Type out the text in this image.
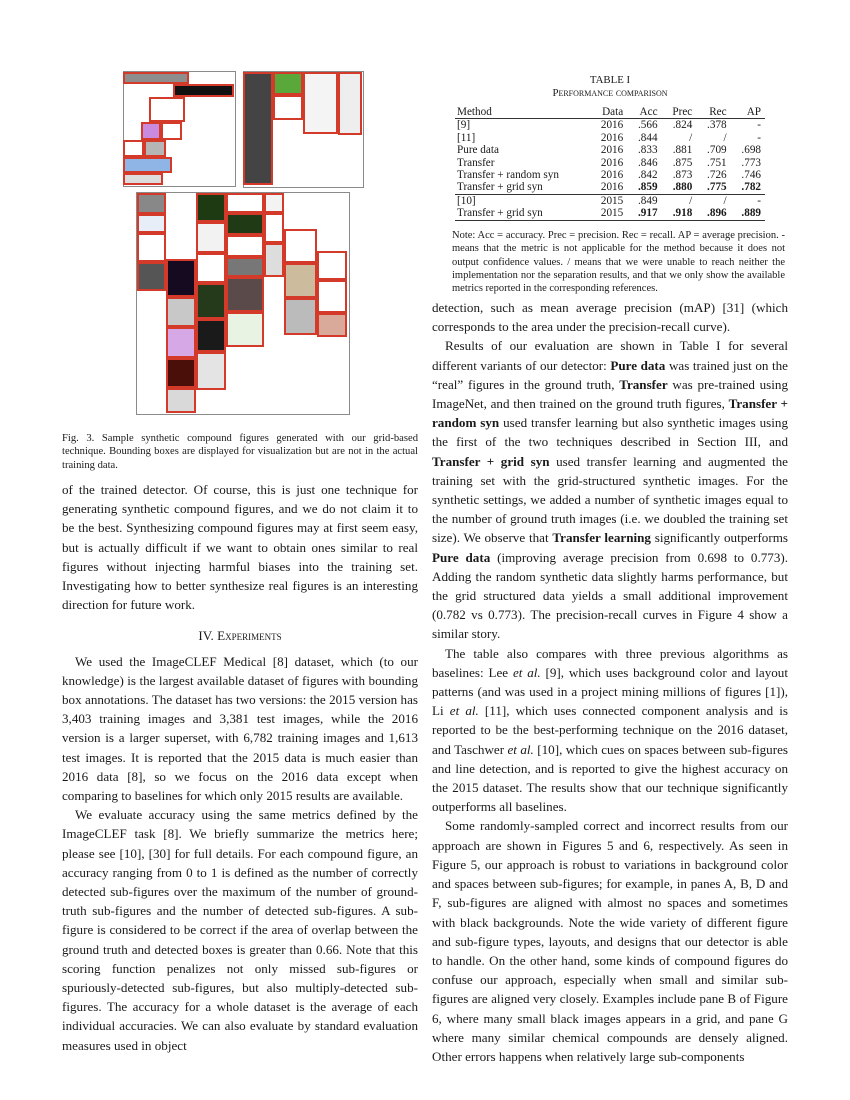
Fig. 3. Sample synthetic compound figures generated with our grid-based technique. Bounding boxes are displayed for visualization but are not in the actual training data.
TABLE I
Performance comparison
Method	Data	Acc	Prec	Rec	AP
[9]	2016	.566	.824	.378	-
[11]	2016	.844	/	/	-
Pure data	2016	.833	.881	.709	.698
Transfer	2016	.846	.875	.751	.773
Transfer + random syn	2016	.842	.873	.726	.746
Transfer + grid syn	2016	.859	.880	.775	.782
[10]	2015	.849	/	/	-
Transfer + grid syn	2015	.917	.918	.896	.889
Note: Acc = accuracy. Prec = precision. Rec = recall. AP = average precision. - means that the metric is not applicable for the method because it does not output confidence values. / means that we were unable to reach neither the implementation nor the separation results, and that we only show the available metrics reported in the corresponding references.

of the trained detector. Of course, this is just one technique for generating synthetic compound figures, and we do not claim it to be the best. Synthesizing compound figures may at first seem easy, but is actually difficult if we want to obtain ones similar to real figures without injecting harmful biases into the training set. Investigating how to better synthesize real figures is an interesting direction for future work.

IV. Experiments

We used the ImageCLEF Medical [8] dataset, which (to our knowledge) is the largest available dataset of figures with bounding box annotations. The dataset has two versions: the 2015 version has 3,403 training images and 3,381 test images, while the 2016 version is a larger superset, with 6,782 training images and 1,613 test images. It is reported that the 2015 data is much easier than 2016 data [8], so we focus on the 2016 data except when comparing to baselines for which only 2015 results are available.

We evaluate accuracy using the same metrics defined by the ImageCLEF task [8]. We briefly summarize the metrics here; please see [10], [30] for full details. For each compound figure, an accuracy ranging from 0 to 1 is defined as the number of correctly detected sub-figures over the maximum of the number of ground-truth sub-figures and the number of detected sub-figures. A sub-figure is considered to be correct if the area of overlap between the ground truth and detected boxes is greater than 0.66. Note that this scoring function penalizes not only missed sub-figures or spuriously-detected sub-figures, but also multiply-detected sub-figures. The accuracy for a whole dataset is the average of each individual accuracies. We can also evaluate by standard evaluation measures used in object

detection, such as mean average precision (mAP) [31] (which corresponds to the area under the precision-recall curve).

Results of our evaluation are shown in Table I for several different variants of our detector: Pure data was trained just on the “real” figures in the ground truth, Transfer was pre-trained using ImageNet, and then trained on the ground truth figures, Transfer + random syn used transfer learning but also synthetic images using the first of the two techniques described in Section III, and Transfer + grid syn used transfer learning and augmented the training set with the grid-structured synthetic images. For the synthetic settings, we added a number of synthetic images equal to the number of ground truth images (i.e. we doubled the training set size). We observe that Transfer learning significantly outperforms Pure data (improving average precision from 0.698 to 0.773). Adding the random synthetic data slightly harms performance, but the grid structured data yields a small additional improvement (0.782 vs 0.773). The precision-recall curves in Figure 4 show a similar story.

The table also compares with three previous algorithms as baselines: Lee et al. [9], which uses background color and layout patterns (and was used in a project mining millions of figures [1]), Li et al. [11], which uses connected component analysis and is reported to be the best-performing technique on the 2016 dataset, and Taschwer et al. [10], which cues on spaces between sub-figures and line detection, and is reported to give the highest accuracy on the 2015 dataset. The results show that our technique significantly outperforms all baselines.

Some randomly-sampled correct and incorrect results from our approach are shown in Figures 5 and 6, respectively. As seen in Figure 5, our approach is robust to variations in background color and spaces between sub-figures; for example, in panes A, B, D and F, sub-figures are aligned with almost no spaces and sometimes with black backgrounds. Note the wide variety of different figure and sub-figure types, layouts, and designs that our detector is able to handle. On the other hand, some kinds of compound figures do confuse our approach, especially when small and similar sub-figures are aligned very closely. Examples include pane B of Figure 6, where many small black images appears in a grid, and pane G where many similar chemical compounds are densely aligned. Other errors happens when relatively large sub-components
